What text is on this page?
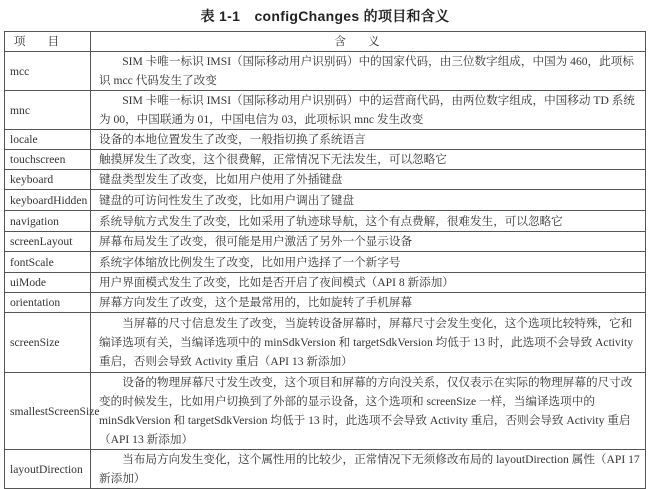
表 1-1　configChanges 的项目和含义
项目	含义
mcc	SIM 卡唯一标识 IMSI（国际移动用户识别码）中的国家代码，由三位数字组成，中国为 460，此项标识 mcc 代码发生了改变
mnc	SIM 卡唯一标识 IMSI（国际移动用户识别码）中的运营商代码，由两位数字组成，中国移动 TD 系统为 00，中国联通为 01，中国电信为 03，此项标识 mnc 发生改变
locale	设备的本地位置发生了改变，一般指切换了系统语言
touchscreen	触摸屏发生了改变，这个很费解，正常情况下无法发生，可以忽略它
keyboard	键盘类型发生了改变，比如用户使用了外插键盘
keyboardHidden	键盘的可访问性发生了改变，比如用户调出了键盘
navigation	系统导航方式发生了改变，比如采用了轨迹球导航，这个有点费解，很难发生，可以忽略它
screenLayout	屏幕布局发生了改变，很可能是用户激活了另外一个显示设备
fontScale	系统字体缩放比例发生了改变，比如用户选择了一个新字号
uiMode	用户界面模式发生了改变，比如是否开启了夜间模式（API 8 新添加）
orientation	屏幕方向发生了改变，这个是最常用的，比如旋转了手机屏幕
screenSize	当屏幕的尺寸信息发生了改变，当旋转设备屏幕时，屏幕尺寸会发生变化，这个选项比较特殊，它和编译选项有关，当编译选项中的 minSdkVersion 和 targetSdkVersion 均低于 13 时，此选项不会导致 Activity 重启，否则会导致 Activity 重启（API 13 新添加）
smallestScreenSize	设备的物理屏幕尺寸发生改变，这个项目和屏幕的方向没关系，仅仅表示在实际的物理屏幕的尺寸改变的时候发生，比如用户切换到了外部的显示设备，这个选项和 screenSize 一样，当编译选项中的 minSdkVersion 和 targetSdkVersion 均低于 13 时，此选项不会导致 Activity 重启，否则会导致 Activity 重启（API 13 新添加）
layoutDirection	当布局方向发生变化，这个属性用的比较少，正常情况下无须修改布局的 layoutDirection 属性（API 17 新添加）
